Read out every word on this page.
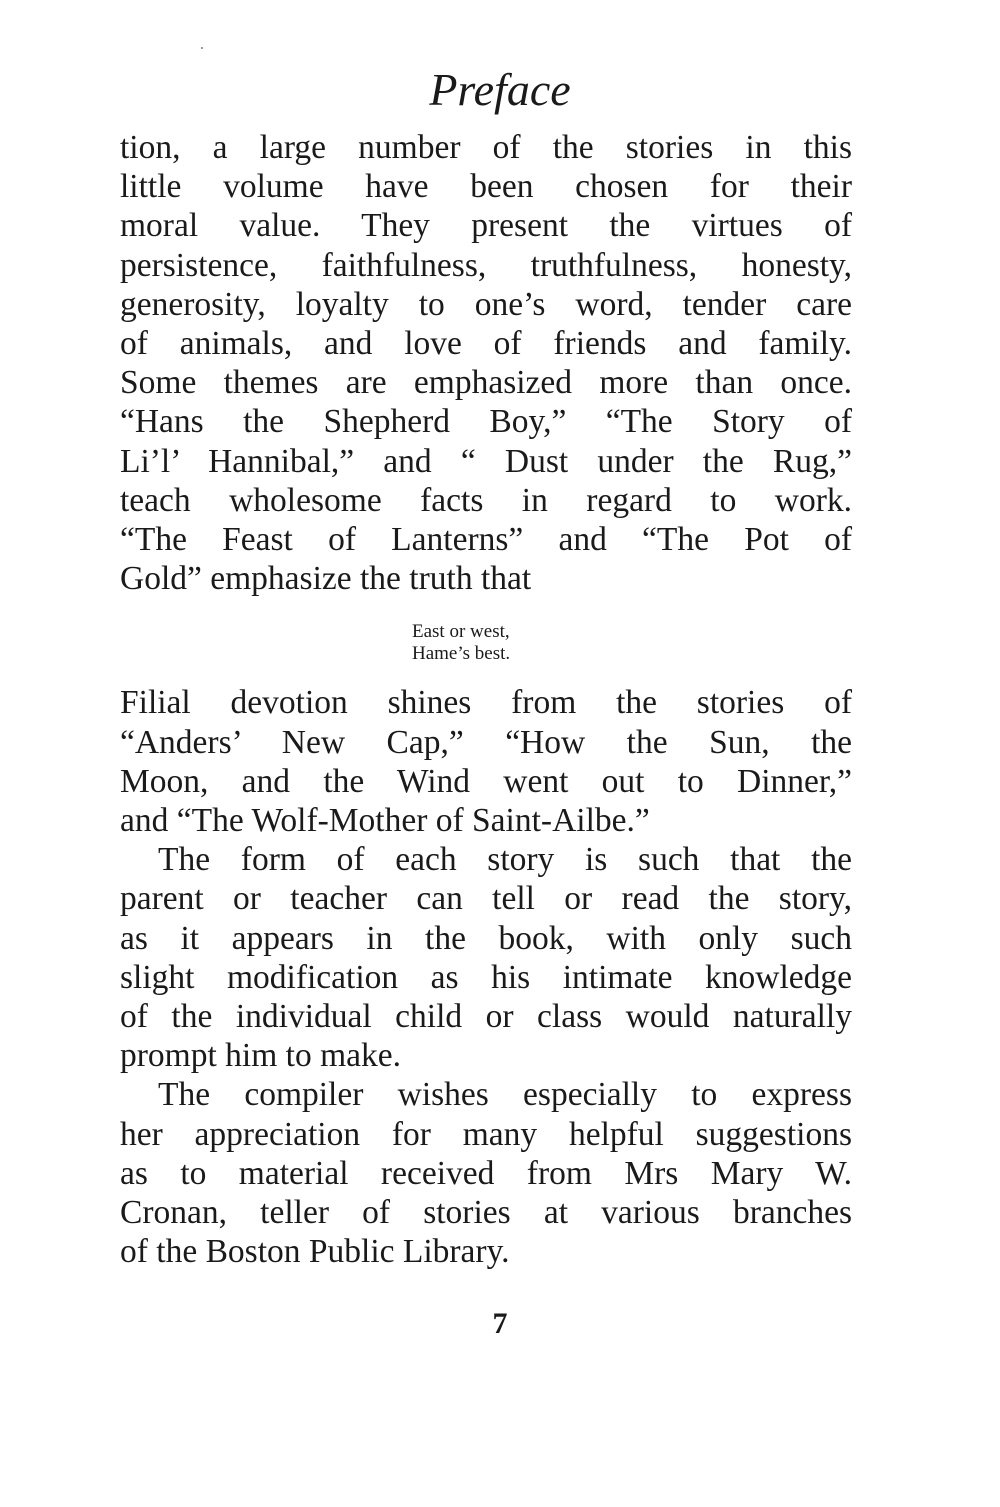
Preface
tion, a large number of the stories in this
little volume have been chosen for their
moral value. They present the virtues of
persistence, faithfulness, truthfulness, honesty,
generosity, loyalty to one’s word, tender care
of animals, and love of friends and family.
Some themes are emphasized more than once.
“Hans the Shepherd Boy,” “The Story of
Li’l’ Hannibal,” and “ Dust under the Rug,”
teach wholesome facts in regard to work.
“The Feast of Lanterns” and “The Pot of
Gold” emphasize the truth that
East or west,
Hame’s best.
Filial devotion shines from the stories of
“Anders’ New Cap,” “How the Sun, the
Moon, and the Wind went out to Dinner,”
and “The Wolf-Mother of Saint-Ailbe.”
The form of each story is such that the
parent or teacher can tell or read the story,
as it appears in the book, with only such
slight modification as his intimate knowledge
of the individual child or class would naturally
prompt him to make.
The compiler wishes especially to express
her appreciation for many helpful suggestions
as to material received from Mrs Mary W.
Cronan, teller of stories at various branches
of the Boston Public Library.
7
